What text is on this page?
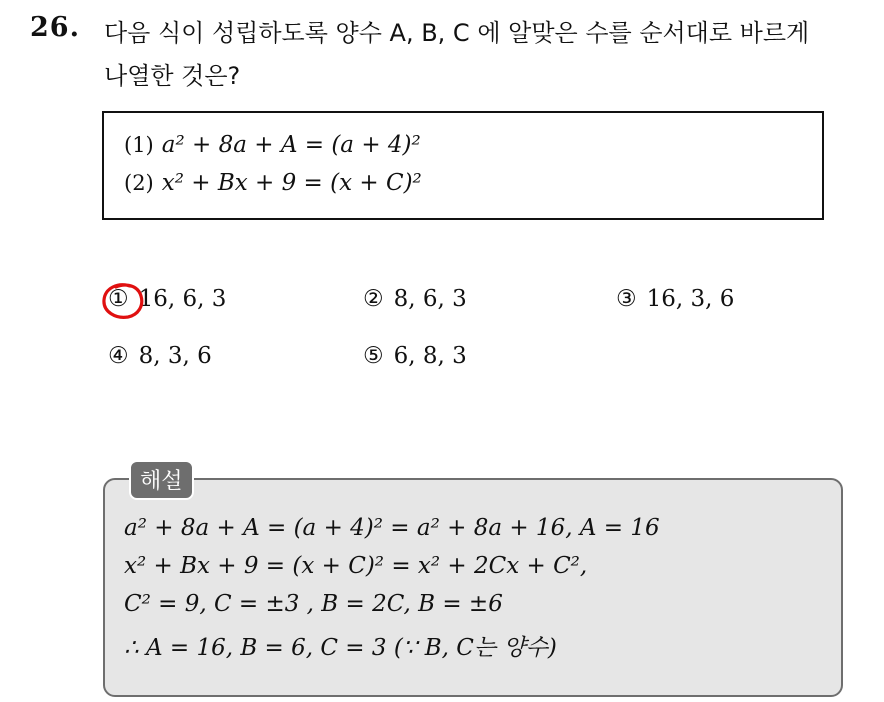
26. 다음 식이 성립하도록 양수 A, B, C 에 알맞은 수를 순서대로 바르게
나열한 것은?
(1) a² + 8a + A = (a + 4)²
(2) x² + Bx + 9 = (x + C)²
① 16, 6, 3	② 8, 6, 3	③ 16, 3, 6
④ 8, 3, 6	⑤ 6, 8, 3
해설
a² + 8a + A = (a + 4)² = a² + 8a + 16, A = 16
x² + Bx + 9 = (x + C)² = x² + 2Cx + C²,
C² = 9, C = ±3 , B = 2C, B = ±6
∴ A = 16, B = 6, C = 3 (∵ B, C는 양수)
